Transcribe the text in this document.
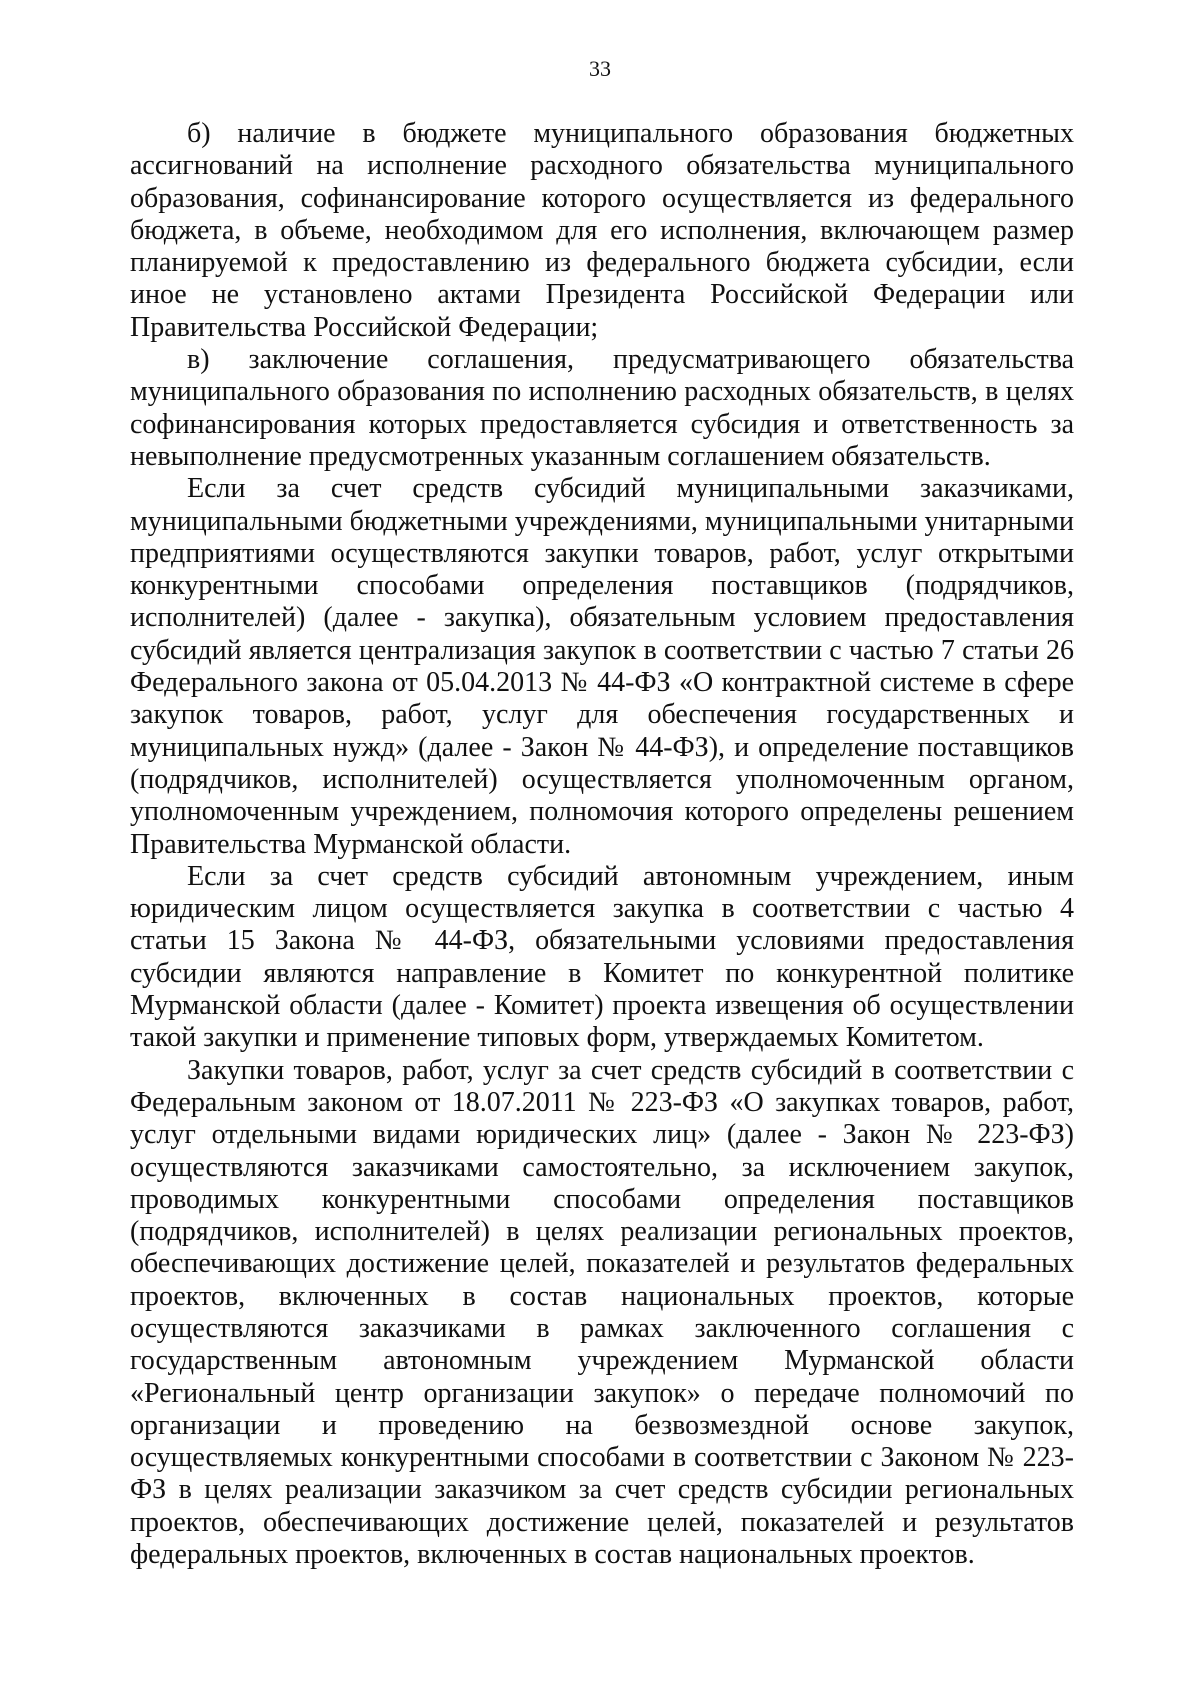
33

б) наличие в бюджете муниципального образования бюджетных ассигнований на исполнение расходного обязательства муниципального образования, софинансирование которого осуществляется из федерального бюджета, в объеме, необходимом для его исполнения, включающем размер планируемой к предоставлению из федерального бюджета субсидии, если иное не установлено актами Президента Российской Федерации или Правительства Российской Федерации;

в) заключение соглашения, предусматривающего обязательства муниципального образования по исполнению расходных обязательств, в целях софинансирования которых предоставляется субсидия и ответственность за невыполнение предусмотренных указанным соглашением обязательств.

Если за счет средств субсидий муниципальными заказчиками, муниципальными бюджетными учреждениями, муниципальными унитарными предприятиями осуществляются закупки товаров, работ, услуг открытыми конкурентными способами определения поставщиков (подрядчиков, исполнителей) (далее - закупка), обязательным условием предоставления субсидий является централизация закупок в соответствии с частью 7 статьи 26 Федерального закона от 05.04.2013 № 44-ФЗ «О контрактной системе в сфере закупок товаров, работ, услуг для обеспечения государственных и муниципальных нужд» (далее - Закон № 44-ФЗ), и определение поставщиков (подрядчиков, исполнителей) осуществляется уполномоченным органом, уполномоченным учреждением, полномочия которого определены решением Правительства Мурманской области.

Если за счет средств субсидий автономным учреждением, иным юридическим лицом осуществляется закупка в соответствии с частью 4 статьи 15 Закона № 44-ФЗ, обязательными условиями предоставления субсидии являются направление в Комитет по конкурентной политике Мурманской области (далее - Комитет) проекта извещения об осуществлении такой закупки и применение типовых форм, утверждаемых Комитетом.

Закупки товаров, работ, услуг за счет средств субсидий в соответствии с Федеральным законом от 18.07.2011 № 223-ФЗ «О закупках товаров, работ, услуг отдельными видами юридических лиц» (далее - Закон № 223-ФЗ) осуществляются заказчиками самостоятельно, за исключением закупок, проводимых конкурентными способами определения поставщиков (подрядчиков, исполнителей) в целях реализации региональных проектов, обеспечивающих достижение целей, показателей и результатов федеральных проектов, включенных в состав национальных проектов, которые осуществляются заказчиками в рамках заключенного соглашения с государственным автономным учреждением Мурманской области «Региональный центр организации закупок» о передаче полномочий по организации и проведению на безвозмездной основе закупок, осуществляемых конкурентными способами в соответствии с Законом № 223-ФЗ в целях реализации заказчиком за счет средств субсидии региональных проектов, обеспечивающих достижение целей, показателей и результатов федеральных проектов, включенных в состав национальных проектов.
